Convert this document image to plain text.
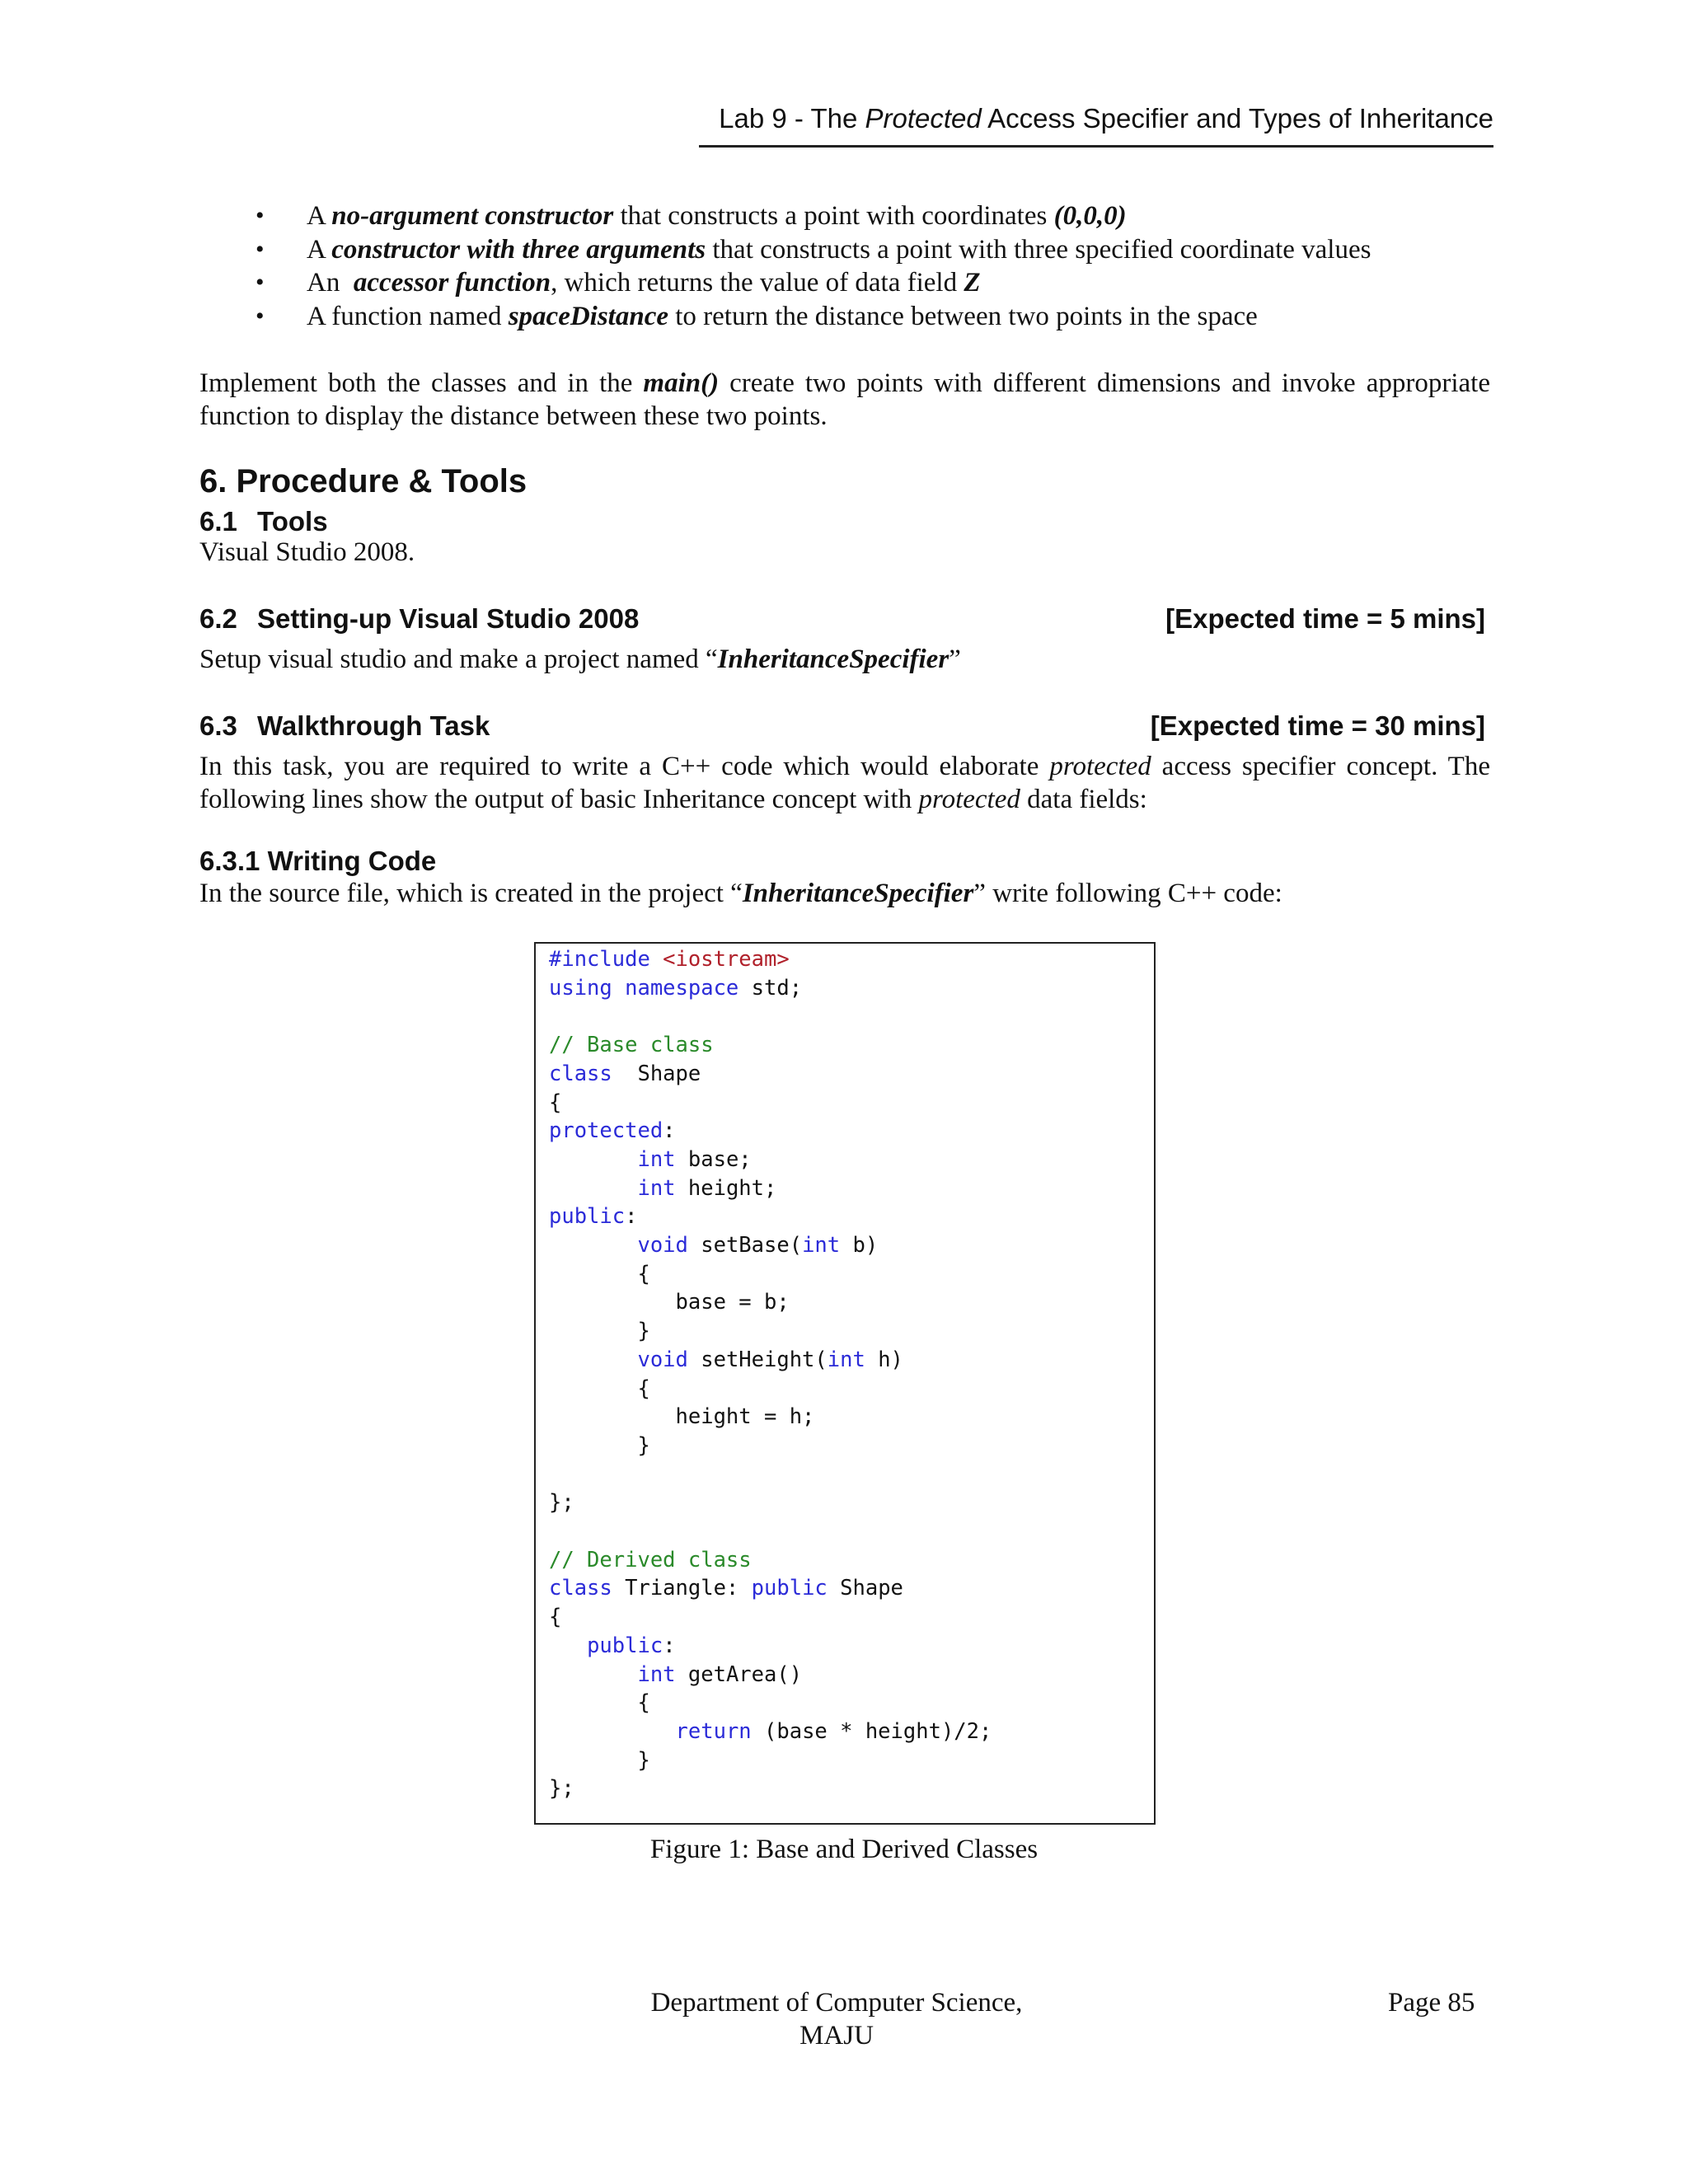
Lab 9 - The Protected Access Specifier and Types of Inheritance
• A no-argument constructor that constructs a point with coordinates (0,0,0)
• A constructor with three arguments that constructs a point with three specified coordinate values
• An  accessor function, which returns the value of data field Z
• A function named spaceDistance to return the distance between two points in the space
Implement both the classes and in the main() create two points with different dimensions and invoke appropriate function to display the distance between these two points.
6. Procedure & Tools
6.1 Tools
Visual Studio 2008.
6.2 Setting-up Visual Studio 2008	[Expected time = 5 mins]
Setup visual studio and make a project named “InheritanceSpecifier”
6.3 Walkthrough Task	[Expected time = 30 mins]
In this task, you are required to write a C++ code which would elaborate protected access specifier concept. The following lines show the output of basic Inheritance concept with protected data fields:
6.3.1 Writing Code
In the source file, which is created in the project “InheritanceSpecifier” write following C++ code:
#include <iostream>
using namespace std;

// Base class
class  Shape
{
protected:
int base;
int height;
public:
void setBase(int b)
{
base = b;
}
void setHeight(int h)
{
height = h;
}

};

// Derived class
class Triangle: public Shape
{
public:
int getArea()
{
return (base * height)/2;
}
};
Figure 1: Base and Derived Classes
Department of Computer Science,
MAJU
Page 85
